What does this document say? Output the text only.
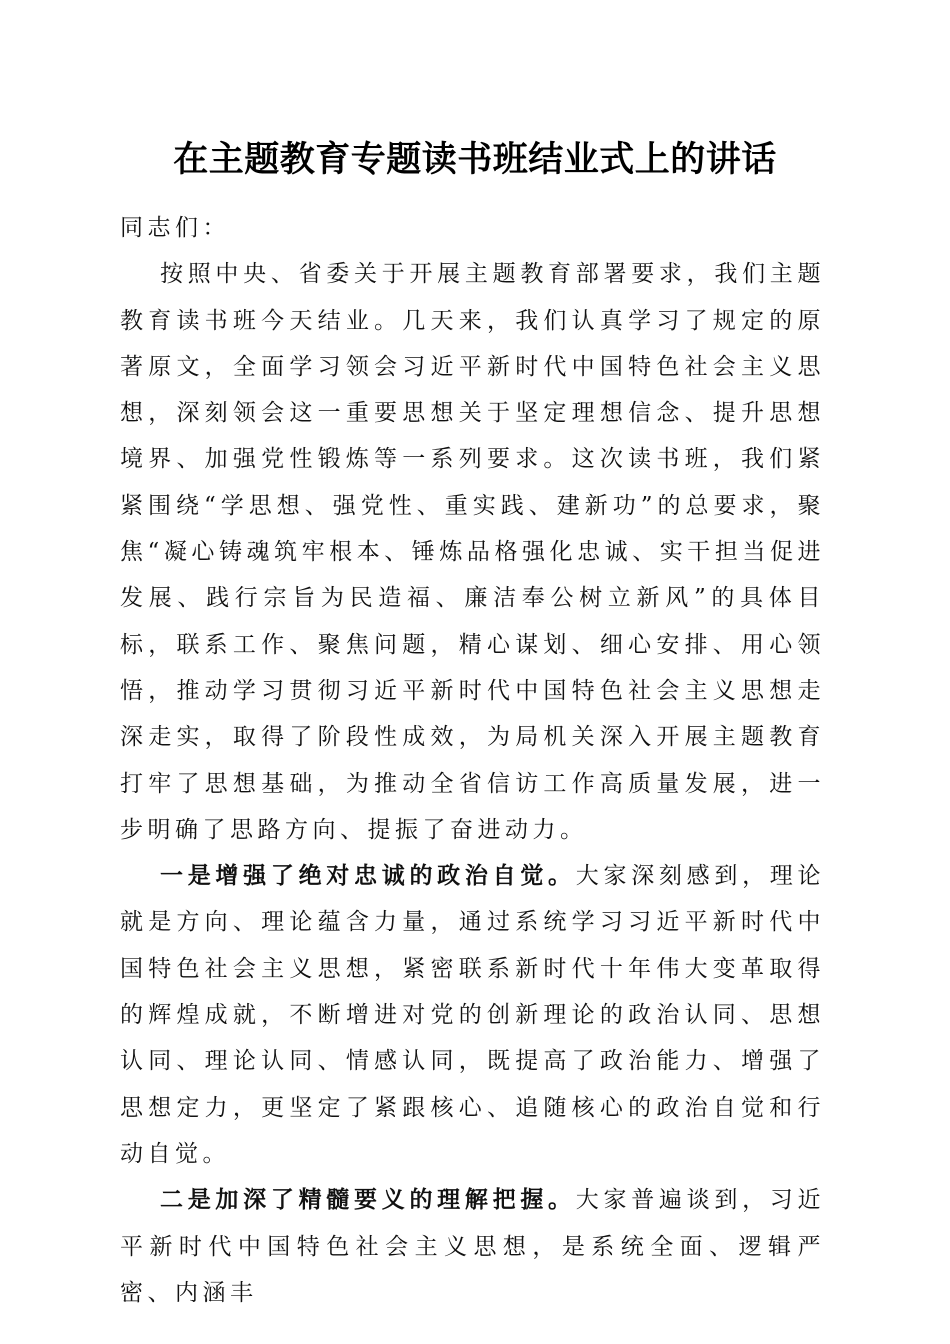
在主题教育专题读书班结业式上的讲话

同志们：

按照中央、省委关于开展主题教育部署要求，我们主题教育读书班今天结业。几天来，我们认真学习了规定的原著原文，全面学习领会习近平新时代中国特色社会主义思想，深刻领会这一重要思想关于坚定理想信念、提升思想境界、加强党性锻炼等一系列要求。这次读书班，我们紧紧围绕“学思想、强党性、重实践、建新功”的总要求，聚焦“凝心铸魂筑牢根本、锤炼品格强化忠诚、实干担当促进发展、践行宗旨为民造福、廉洁奉公树立新风”的具体目标，联系工作、聚焦问题，精心谋划、细心安排、用心领悟，推动学习贯彻习近平新时代中国特色社会主义思想走深走实，取得了阶段性成效，为局机关深入开展主题教育打牢了思想基础，为推动全省信访工作高质量发展，进一步明确了思路方向、提振了奋进动力。

一是增强了绝对忠诚的政治自觉。大家深刻感到，理论就是方向、理论蕴含力量，通过系统学习习近平新时代中国特色社会主义思想，紧密联系新时代十年伟大变革取得的辉煌成就，不断增进对党的创新理论的政治认同、思想认同、理论认同、情感认同，既提高了政治能力、增强了思想定力，更坚定了紧跟核心、追随核心的政治自觉和行动自觉。

二是加深了精髓要义的理解把握。大家普遍谈到，习近平新时代中国特色社会主义思想，是系统全面、逻辑严密、内涵丰
